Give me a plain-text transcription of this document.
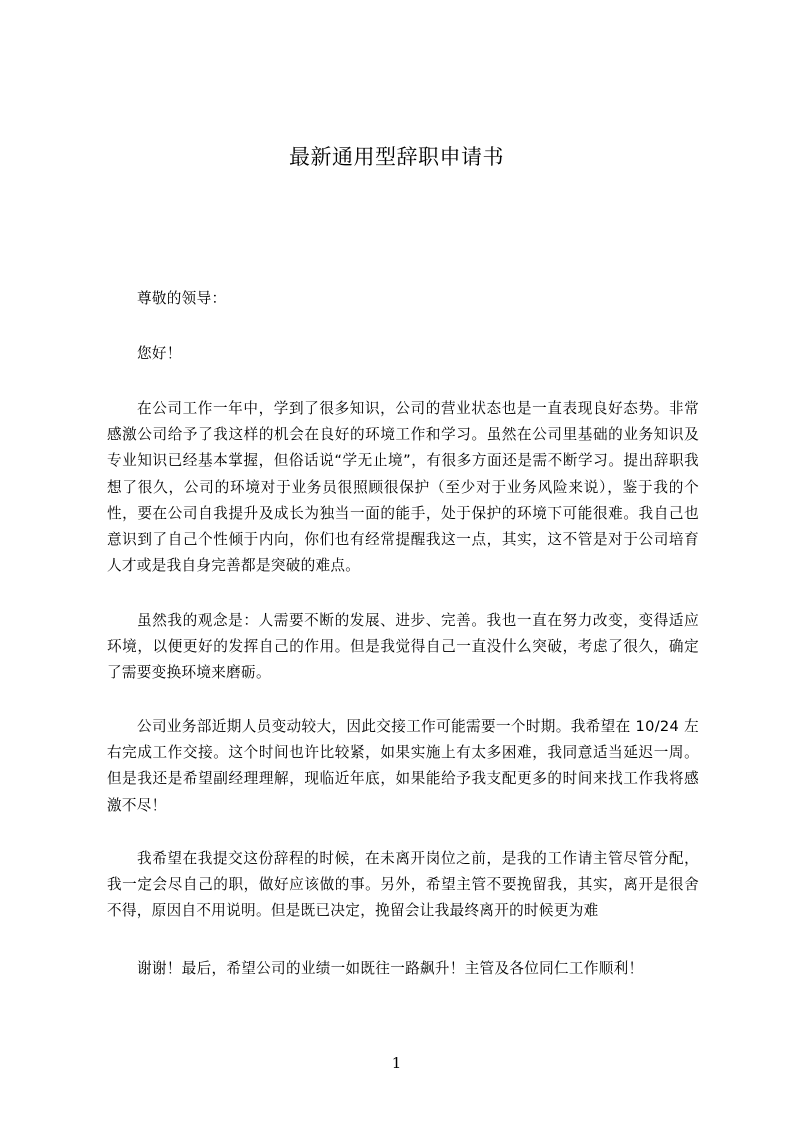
最新通用型辞职申请书
尊敬的领导：
您好！
在公司工作一年中，学到了很多知识，公司的营业状态也是一直表现良好态势。非常感激公司给予了我这样的机会在良好的环境工作和学习。虽然在公司里基础的业务知识及专业知识已经基本掌握，但俗话说“学无止境”，有很多方面还是需不断学习。提出辞职我想了很久，公司的环境对于业务员很照顾很保护（至少对于业务风险来说），鉴于我的个性，要在公司自我提升及成长为独当一面的能手，处于保护的环境下可能很难。我自己也意识到了自己个性倾于内向，你们也有经常提醒我这一点，其实，这不管是对于公司培育人才或是我自身完善都是突破的难点。
虽然我的观念是：人需要不断的发展、进步、完善。我也一直在努力改变，变得适应环境，以便更好的发挥自己的作用。但是我觉得自己一直没什么突破，考虑了很久，确定了需要变换环境来磨砺。
公司业务部近期人员变动较大，因此交接工作可能需要一个时期。我希望在 10/24 左右完成工作交接。这个时间也许比较紧，如果实施上有太多困难，我同意适当延迟一周。但是我还是希望副经理理解，现临近年底，如果能给予我支配更多的时间来找工作我将感激不尽！
我希望在我提交这份辞程的时候，在未离开岗位之前，是我的工作请主管尽管分配，我一定会尽自己的职，做好应该做的事。另外，希望主管不要挽留我，其实，离开是很舍不得，原因自不用说明。但是既已决定，挽留会让我最终离开的时候更为难
谢谢！最后，希望公司的业绩一如既往一路飙升！主管及各位同仁工作顺利！
1
